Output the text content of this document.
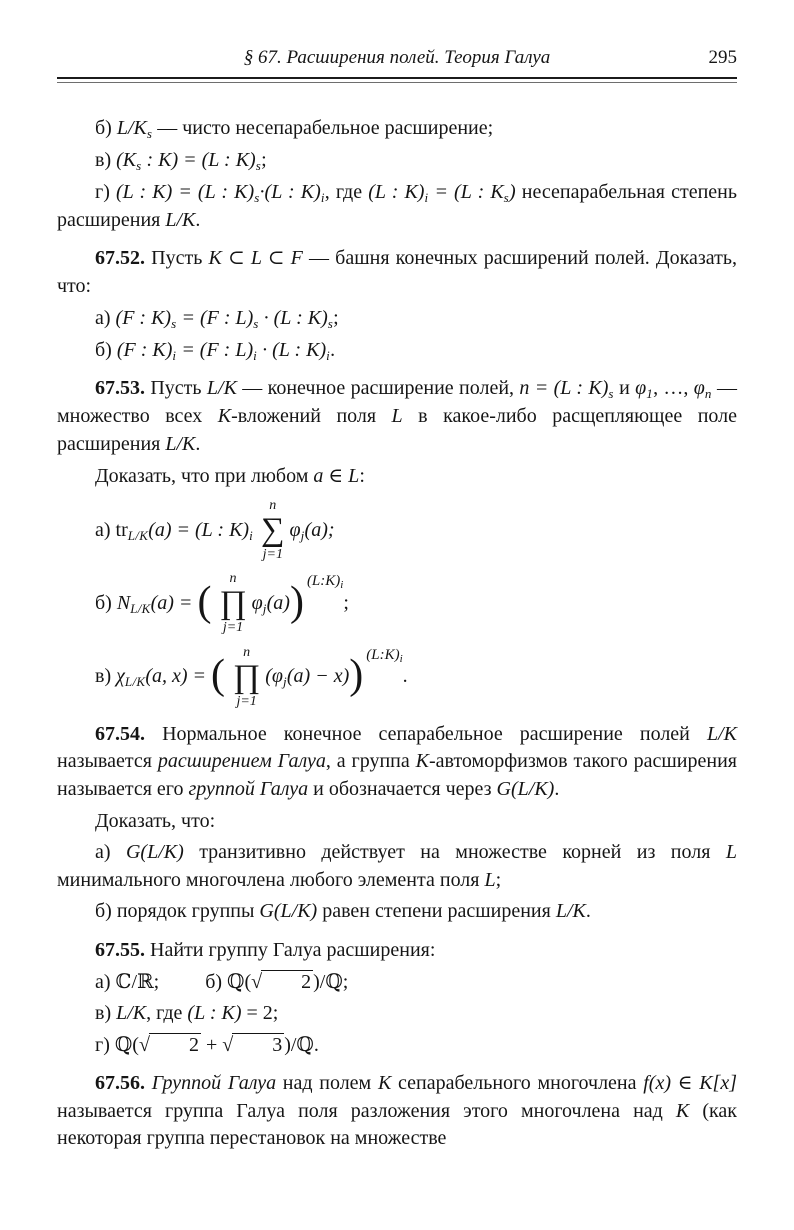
§ 67. Расширения полей. Теория Галуа	295

б) $L/K_s$ — чисто несепарабельное расширение;

в) ($K_s$ : K) = (L : $K)_s$;

г) (L : K) = (L : $K)_s\cdot(L$ : $K)_i$, где (L : $K)_i = (L$ : $K_s$) несепарабельная степень расширения L/K.

67.52. Пусть K ⊂ L ⊂ F — башня конечных расширений полей. Доказать, что:

а) (F : $K)_s = (F$ : $L)_s \cdot (L$ : $K)_s$;

б) (F : $K)_i = (F$ : $L)_i \cdot (L$ : $K)_i$.

67.53. Пусть L/K — конечное расширение полей, n = (L : $K)_s$ и $\varphi_1$, …, $\varphi_n$ — множество всех K-вложений поля L в какое-либо расщепляющее поле расширения L/K.

Доказать, что при любом a ∈ L:

а) $tr_{L/K}(a) = (L$ : $K)_i$
n
∑
j=1
$\varphi_j(a)$;
б) $N_{L/K}(a)$ = (
n
∏
j=1
$\varphi_j(a)$ ) $(L:K)_i$
;
в) $\chi_{L/K}(a$, x) = (
n
∏
j=1
$(\varphi_j(a) - x)$ ) $(L:K)_i$
.

67.54. Нормальное конечное сепарабельное расширение полей L/K называется расширением Галуа, а группа K-автоморфизмов такого расширения называется его группой Галуа и обозначается через G(L/K).

Доказать, что:

а) G(L/K) транзитивно действует на множестве корней из поля L минимального многочлена любого элемента поля L;

б) порядок группы G(L/K) равен степени расширения L/K.

67.55. Найти группу Галуа расширения:

а) ℂ/ℝ; б) ℚ(√ 2 )/ℚ;

в) L/K, где (L : K) = 2;

г) ℚ(√ 2 + √ 3 )/ℚ.

67.56. Группой Галуа над полем K сепарабельного многочлена f(x) ∈ K[x] называется группа Галуа поля разложения этого многочлена над K (как некоторая группа перестановок на множестве
